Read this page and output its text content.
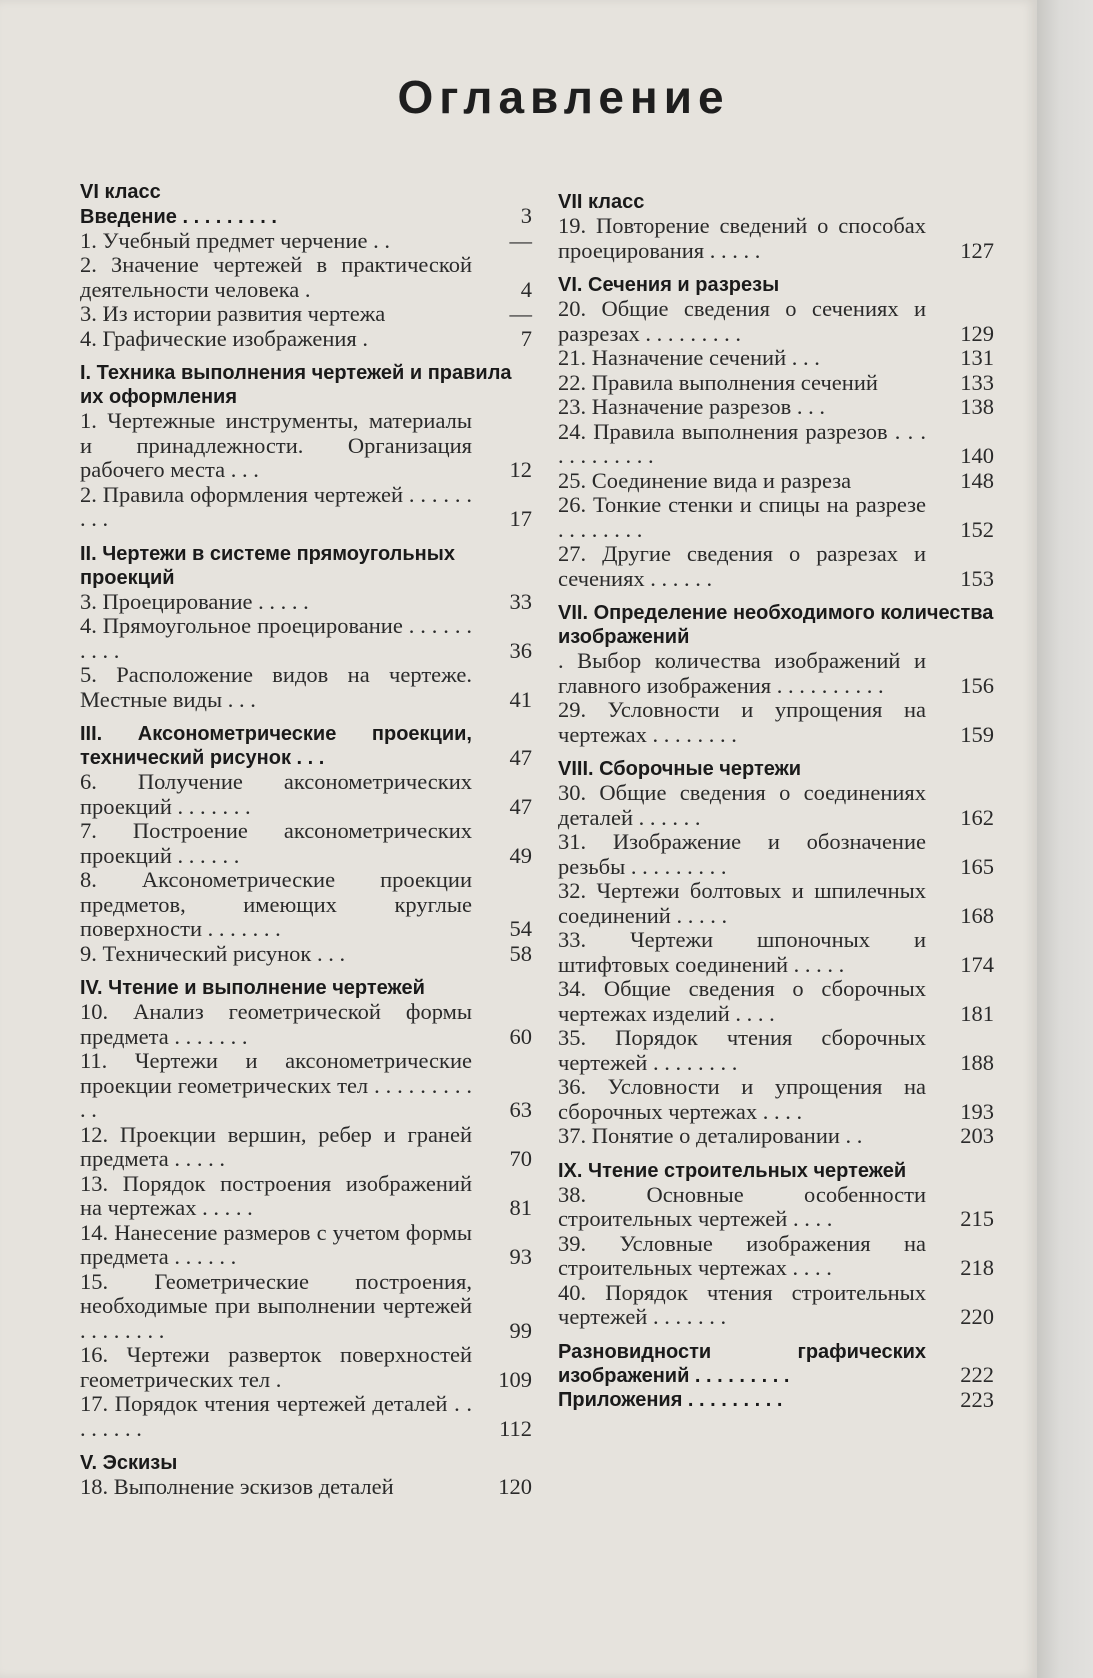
Оглавление
VI класс
Введение . . . . . . . . .	3
1. Учебный предмет черчение . .	—
2. Значение чертежей в практической деятельности человека .	4
3. Из истории развития чертежа	—
4. Графические изображения .	7
I. Техника выполнения чертежей и правила их оформления
1. Чертежные инструменты, материалы и принадлежности. Организация рабочего места . . .	12
2. Правила оформления чертежей . . . . . . . . .	17
II. Чертежи в системе прямоугольных проекций
3. Проецирование . . . . .	33
4. Прямоугольное проецирование . . . . . . . . . .	36
5. Расположение видов на чертеже. Местные виды . . .	41
III. Аксонометрические проекции, технический рисунок . . .	47
6. Получение аксонометрических проекций . . . . . . .	47
7. Построение аксонометрических проекций . . . . . .	49
8. Аксонометрические проекции предметов, имеющих круглые поверхности . . . . . . .	54
9. Технический рисунок . . .	58
IV. Чтение и выполнение чертежей
10. Анализ геометрической формы предмета . . . . . . .	60
11. Чертежи и аксонометрические проекции геометрических тел . . . . . . . . . . .	63
12. Проекции вершин, ребер и граней предмета . . . . .	70
13. Порядок построения изображений на чертежах . . . . .	81
14. Нанесение размеров с учетом формы предмета . . . . . .	93
15. Геометрические построения, необходимые при выполнении чертежей . . . . . . . .	99
16. Чертежи разверток поверхностей геометрических тел .	109
17. Порядок чтения чертежей деталей . . . . . . . .	112
V. Эскизы
18. Выполнение эскизов деталей	120
VII класс
19. Повторение сведений о способах проецирования . . . . .	127
VI. Сечения и разрезы
20. Общие сведения о сечениях и разрезах . . . . . . . . .	129
21. Назначение сечений . . .	131
22. Правила выполнения сечений	133
23. Назначение разрезов . . .	138
24. Правила выполнения разрезов . . . . . . . . . . . .	140
25. Соединение вида и разреза	148
26. Тонкие стенки и спицы на разрезе . . . . . . . .	152
27. Другие сведения о разрезах и сечениях . . . . . .	153
VII. Определение необходимого количества изображений
. Выбор количества изображений и главного изображения . . . . . . . . . .	156
29. Условности и упрощения на чертежах . . . . . . . .	159
VIII. Сборочные чертежи
30. Общие сведения о соединениях деталей . . . . . .	162
31. Изображение и обозначение резьбы . . . . . . . . .	165
32. Чертежи болтовых и шпилечных соединений . . . . .	168
33. Чертежи шпоночных и штифтовых соединений . . . . .	174
34. Общие сведения о сборочных чертежах изделий . . . .	181
35. Порядок чтения сборочных чертежей . . . . . . . .	188
36. Условности и упрощения на сборочных чертежах . . . .	193
37. Понятие о деталировании . .	203
IX. Чтение строительных чертежей
38. Основные особенности строительных чертежей . . . .	215
39. Условные изображения на строительных чертежах . . . .	218
40. Порядок чтения строительных чертежей . . . . . . .	220
Разновидности графических изображений . . . . . . . . .	222
Приложения . . . . . . . . .	223
